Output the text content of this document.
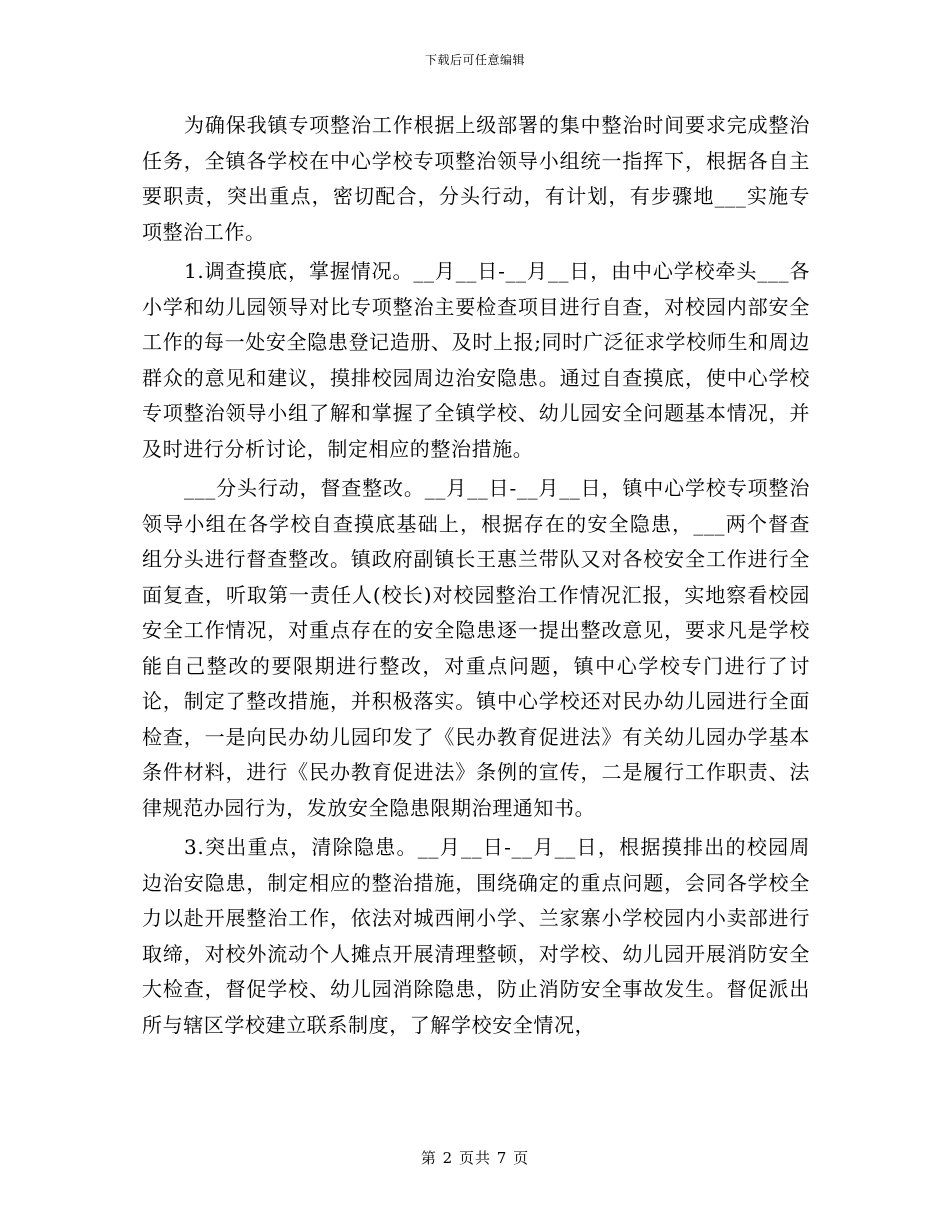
下载后可任意编辑

为确保我镇专项整治工作根据上级部署的集中整治时间要求完成整治任务，全镇各学校在中心学校专项整治领导小组统一指挥下，根据各自主要职责，突出重点，密切配合，分头行动，有计划，有步骤地___实施专项整治工作。

1.调查摸底，掌握情况。__月__日-__月__日，由中心学校牵头___各小学和幼儿园领导对比专项整治主要检查项目进行自查，对校园内部安全工作的每一处安全隐患登记造册、及时上报;同时广泛征求学校师生和周边群众的意见和建议，摸排校园周边治安隐患。通过自查摸底，使中心学校专项整治领导小组了解和掌握了全镇学校、幼儿园安全问题基本情况，并及时进行分析讨论，制定相应的整治措施。

___分头行动，督查整改。__月__日-__月__日，镇中心学校专项整治领导小组在各学校自查摸底基础上，根据存在的安全隐患，___两个督查组分头进行督查整改。镇政府副镇长王惠兰带队又对各校安全工作进行全面复查，听取第一责任人(校长)对校园整治工作情况汇报，实地察看校园安全工作情况，对重点存在的安全隐患逐一提出整改意见，要求凡是学校能自己整改的要限期进行整改，对重点问题，镇中心学校专门进行了讨论，制定了整改措施，并积极落实。镇中心学校还对民办幼儿园进行全面检查，一是向民办幼儿园印发了《民办教育促进法》有关幼儿园办学基本条件材料，进行《民办教育促进法》条例的宣传，二是履行工作职责、法律规范办园行为，发放安全隐患限期治理通知书。

3.突出重点，清除隐患。__月__日-__月__日，根据摸排出的校园周边治安隐患，制定相应的整治措施，围绕确定的重点问题，会同各学校全力以赴开展整治工作，依法对城西闸小学、兰家寨小学校园内小卖部进行取缔，对校外流动个人摊点开展清理整顿，对学校、幼儿园开展消防安全大检查，督促学校、幼儿园消除隐患，防止消防安全事故发生。督促派出所与辖区学校建立联系制度，了解学校安全情况，

第 2 页共 7 页
